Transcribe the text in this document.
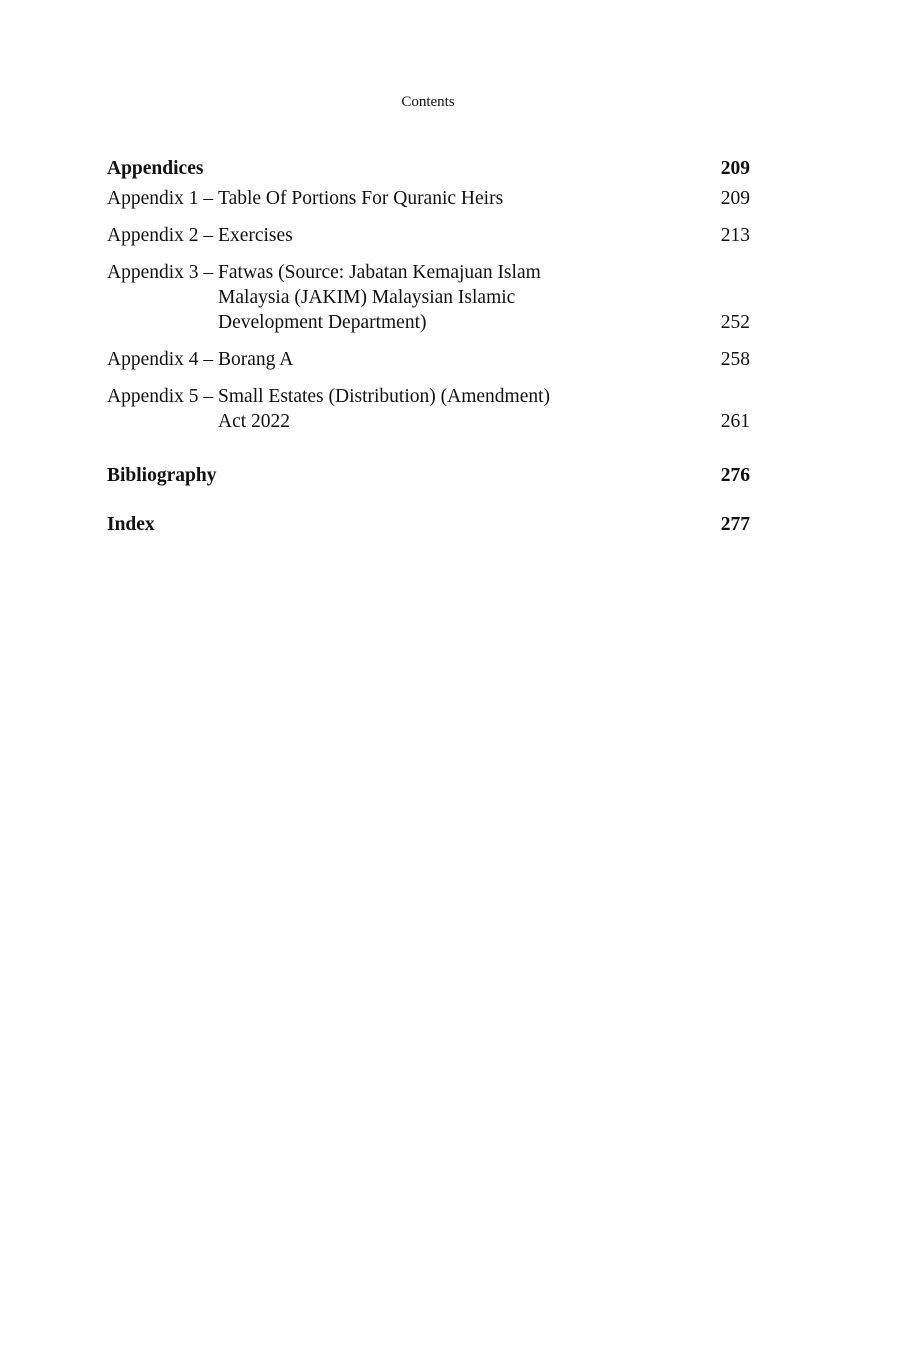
Contents
Appendices	209
Appendix 1 – Table Of Portions For Quranic Heirs	209
Appendix 2 – Exercises	213
Appendix 3 – Fatwas (Source: Jabatan Kemajuan Islam
Malaysia (JAKIM) Malaysian Islamic
Development Department)	252
Appendix 4 – Borang A	258
Appendix 5 – Small Estates (Distribution) (Amendment)
Act 2022	261
Bibliography	276
Index	277
